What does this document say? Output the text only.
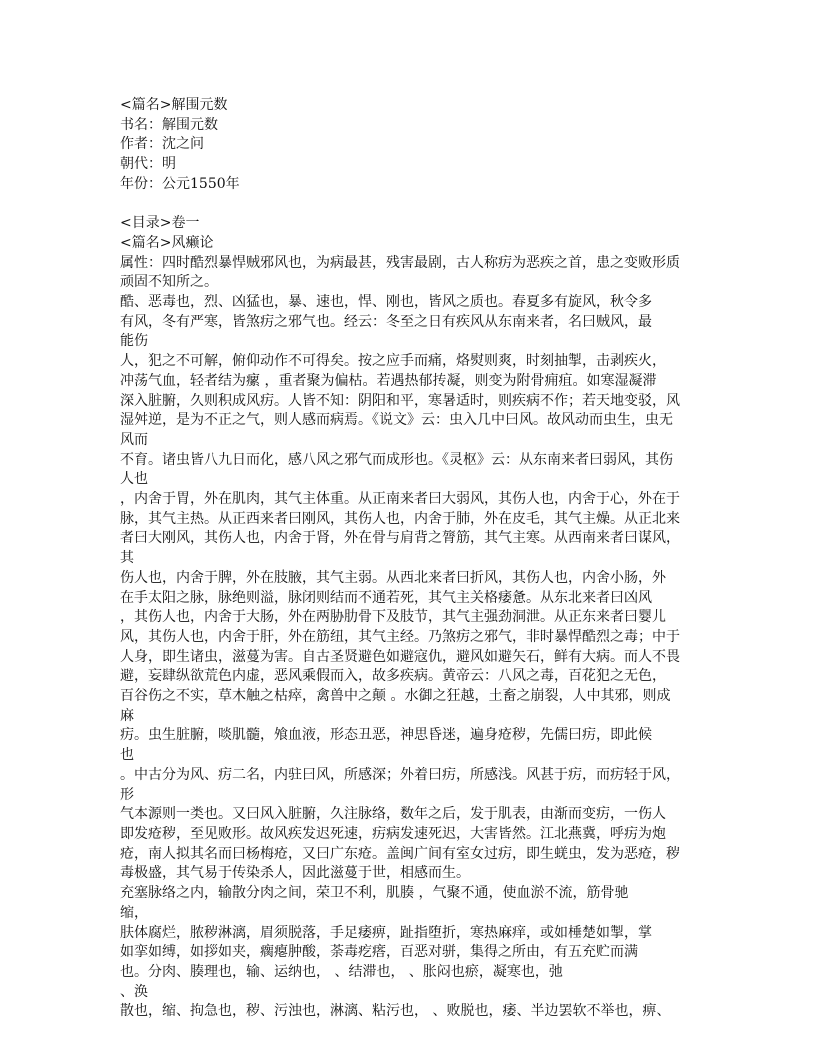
<篇名>解围元数
书名：解围元数
作者：沈之问
朝代：明
年份：公元1550年
<目录>卷一
<篇名>风癞论
属性：四时酷烈暴悍贼邪风也，为病最甚，残害最剧，古人称疠为恶疾之首，患之变败形质
顽固不知所之。
酷、恶毒也，烈、凶猛也，暴、速也，悍、刚也，皆风之质也。春夏多有旋风，秋令多
有风，冬有严寒，皆煞疠之邪气也。经云：冬至之日有疾风从东南来者，名曰贼风，最
能伤
人，犯之不可解，俯仰动作不可得矣。按之应手而痛，烙熨则爽，时刻抽掣，击剥疾火，
冲荡气血，轻者结为瘰 ，重者聚为偏枯。若遇热郁抟凝，则变为附骨痈疽。如寒湿凝滞
深入脏腑，久则积成风疠。人皆不知：阴阳和平，寒暑适时，则疾病不作；若天地变驳，风
湿舛逆，是为不正之气，则人感而病焉。《说文》云：虫入几中曰风。故风动而虫生，虫无
风而
不育。诸虫皆八九日而化，感八风之邪气而成形也。《灵枢》云：从东南来者曰弱风，其伤
人也
，内舍于胃，外在肌肉，其气主体重。从正南来者曰大弱风，其伤人也，内舍于心，外在于
脉，其气主热。从正西来者曰刚风，其伤人也，内舍于肺，外在皮毛，其气主燥。从正北来
者曰大刚风，其伤人也，内舍于肾，外在骨与肩背之膂筋，其气主寒。从西南来者曰谋风，
其
伤人也，内舍于脾，外在肢腋，其气主弱。从西北来者曰折风，其伤人也，内舍小肠，外
在手太阳之脉，脉绝则溢，脉闭则结而不通若死，其气主关格痿惫。从东北来者曰凶风
，其伤人也，内舍于大肠，外在两胁肋骨下及肢节，其气主强劲洞泄。从正东来者曰婴儿
风，其伤人也，内舍于肝，外在筋纽，其气主经。乃煞疠之邪气，非时暴悍酷烈之毒；中于
人身，即生诸虫，滋蔓为害。自古圣贤避色如避寇仇，避风如避矢石，鲜有大病。而人不畏
避，妄肆纵欲荒色内虚，恶风乘假而入，故多疾病。黄帝云：八风之毒，百花犯之无色，
百谷伤之不实，草木触之枯瘁，禽兽中之颠 。水御之狂越，土畜之崩裂，人中其邪，则成
麻
疠。虫生脏腑，啖肌髓，飧血液，形态丑恶，神思昏迷，遍身疮秽，先儒曰疠，即此候
也
。中古分为风、疠二名，内驻曰风，所感深；外着曰疠，所感浅。风甚于疠，而疠轻于风，
形
气本源则一类也。又曰风入脏腑，久注脉络，数年之后，发于肌表，由渐而变疠，一伤人
即发疮秽，至见败形。故风疾发迟死速，疠病发速死迟，大害皆然。江北燕冀，呼疠为炮
疮，南人拟其名而曰杨梅疮，又曰广东疮。盖闽广间有室女过疠，即生蜣虫，发为恶疮，秽
毒极盛，其气易于传染杀人，因此滋蔓于世，相感而生。
充塞脉络之内，输散分肉之间，荣卫不利，肌腠 ，气聚不通，使血淤不流，筋骨驰
缩，
肤体腐烂，脓秽淋漓，眉须脱落，手足痿痹，趾指堕折，寒热麻痒，或如棰楚如掣，掌
如挛如缚，如拶如夹，瘸瘪肿酸，荼毒疙瘩，百恶对骈，集得之所由，有五充贮而满
也。分肉、腠理也，输、运纳也， 、结滞也， 、胀闷也瘀，凝寒也，弛
、涣
散也，缩、拘急也，秽、污浊也，淋漓、粘污也， 、败脱也，痿、半边罢软不举也，痹、
